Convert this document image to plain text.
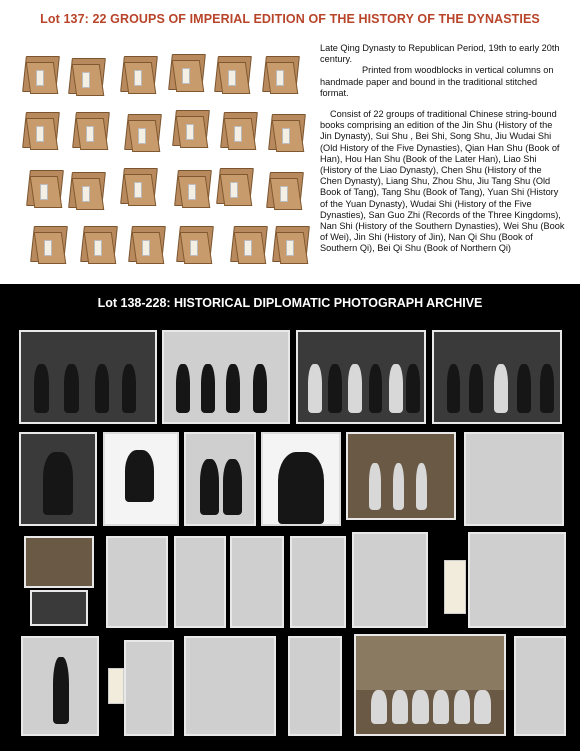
Lot 137: 22 GROUPS OF IMPERIAL EDITION OF THE HISTORY OF THE DYNASTIES

Late Qing Dynasty to Republican Period, 19th to early 20th century.

Printed from woodblocks in vertical columns on handmade paper and bound in the traditional stitched format.

Consist of 22 groups of traditional Chinese string-bound books comprising an edition of the Jin Shu (History of the Jin Dynasty), Sui Shu , Bei Shi, Song Shu, Jiu Wudai Shi (Old History of the Five Dynasties), Qian Han Shu (Book of Han), Hou Han Shu (Book of the Later Han), Liao Shi (History of the Liao Dynasty), Chen Shu (History of the Chen Dynasty), Liang Shu, Zhou Shu, Jiu Tang Shu (Old Book of Tang), Tang Shu (Book of Tang), Yuan Shi (History of the Yuan Dynasty), Wudai Shi (History of the Five Dynasties), San Guo Zhi (Records of the Three Kingdoms), Nan Shi (History of the Southern Dynasties), Wei Shu (Book of Wei), Jin Shi (History of Jin), Nan Qi Shu (Book of Southern Qi), Bei Qi Shu (Book of Northern Qi)

Lot 138-228: HISTORICAL DIPLOMATIC PHOTOGRAPH ARCHIVE
